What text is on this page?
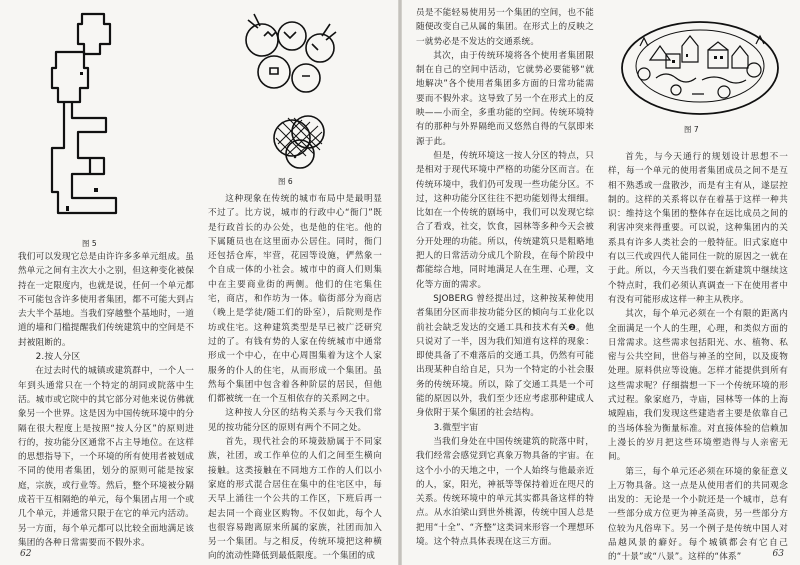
图 5
图 6

我们可以发现它总是由许许多多单元组成。虽然单元之间有主次大小之别，但这种变化被保持在一定限度内，也就是说，任何一个单元都不可能包含许多使用者集团，都不可能大到占去大半个基地。当我们穿越整个基地时，一道道的墙和门槛提醒我们传统建筑中的空间是不封被阻断的。

2.按人分区

在过去时代的城镇或建筑群中，一个人一年到头通常只在一个特定的胡同或院落中生活。城市或它院中的其它部分对他来说仿佛就象另一个世界。这是因为中国传统环境中的分隔在很大程度上是按照“按人分区”的原则进行的，按功能分区通常不占主导地位。在这样的思想指导下，一个环境的所有使用者被划成不同的使用者集团，划分的原则可能是按家庭，宗族，或行业等。然后，整个环境被分隔成若干互相隔绝的单元，每个集团占用一个或几个单元，并通常只限于在它的单元内活动。另一方面，每个单元都可以比较全面地满足该集团的各种日常需要而不假外求。

这种现象在传统的城市布局中是最明显不过了。比方说，城市的行政中心“衙门”既是行政首长的办公处，也是他的住宅。他的下属随员也在这里面办公居住。同时，衙门还包括仓库，牢营，花园等设施，俨然象一个自成一体的小社会。城市中的商人们则集中在主要商业街的两侧。他们的住宅集住宅，商店，和作坊为一体。临街部分为商店（晚上是学徒/随工们的卧室），后院则是作坊或住宅。这种建筑类型是早已被广泛研究过的了。有钱有势的人家在传统城市中通常形成一个中心，在中心周围集着为这个人家服务的仆人的住宅，从而形成一个集团。虽然每个集团中包含着各种阶层的居民，但他们都被统一在一个互相依存的关系网之中。

这种按人分区的结构关系与今天我们常见的按功能分区的原则有两个不同之处。

首先，现代社会的环境鼓励属于不同家族，社团，或工作单位的人们之间至生横向接触。这类接触在不同地方工作的人们以小家庭的形式混合居住在集中的住宅区中，每天早上涌往一个公共的工作区，下班后再一起去同一个商业区购物。不仅如此，每个人也很容易跑离原来所属的家族，社团而加入另一个集团。与之相反，传统环境把这种横向的流动性降低到最低限度。一个集团的成

62

员是不能轻易使用另一个集团的空间，也不能随便改变自己从属的集团。在形式上的反映之一就势必是不发达的交通系统。

其次，由于传统环境将各个使用者集团限制在自己的空间中活动，它就势必要能够“就地解决”各个使用者集团多方面的日常功能需要而不假外求。这导致了另一个在形式上的反映——小而全，多重功能的空间。传统环境特有的那种与外界隔绝而又悠然自得的气氛即来源于此。

但是，传统环境这一按人分区的特点，只是相对于现代环境中严格的功能分区而言。在传统环境中，我们仍可发现一些功能分区。不过，这种功能分区往往不把功能划得太细细。比如在一个传统的剧场中，我们可以发现它综合了看戏，社交，饮食，园林等多种今天会被分开处理的功能。所以，传统建筑只是粗略地把人的日常活动分成几个阶段，在每个阶段中都能综合地，同时地满足人在生理、心理，文化等方面的需求。

SJOBERG 曾经提出过，这种按某种使用者集团分区而非按功能分区的倾向与工业化以前社会缺乏发达的交通工具和技术有关❷。他只说对了一半，因为我们知道有这样的现象：即使具备了不难落后的交通工具，仍然有可能出现某种自给自足，只为一个特定的小社会服务的传统环境。所以，除了交通工具是一个可能的原因以外，我们至少还应考虑那种建成人身依附于某个集团的社会结构。

3.微型宇宙

当我们身处在中国传统建筑的院落中时，我们经常会感觉到它真象万物具备的宇宙。在这个小小的天地之中，一个人始终与他最亲近的人，家，阳光，神祇等等保持着近在咫尺的关系。传统环境中的单元其实都具备这样的特点。从水泊梁山到世外桃源，传统中国人总是把用“十全”、“齐整”这类词来形容一个理想环境。这个特点具体表现在这三方面。

图 7

首先，与今天通行的规划设计思想不一样，每一个单元的使用者集团成员之间不是互相不熟悉或一盘散沙，而是有主有从，遂层控制的。这样的关系将以存在着基于这样一种共识：维持这个集团的整体存在远比成员之间的利害冲突来得重要。可以说，这种集团内的关系具有许多人类社会的一般特征。旧式家庭中有以三代或四代人能同住一院的原因之一就在于此。所以，今天当我们要在新建筑中继续这个特点时，我们必须认真调查一下在使用者中有没有可能形成这样一种主从秩序。

其次，每个单元必须在一个有限的距离内全面满足一个人的生理，心理，和类似方面的日常需求。这些需求包括阳光、水、植物、私密与公共空间，世俗与神圣的空间，以及废物处理。原料供应等设施。怎样才能提供到所有这些需求呢？仔细揣想一下一个传统环境的形式过程。象家庭乃，寺庙，园林等一体的上海城隍庙，我们发现这些建造者主要是依靠自己的当场体验为衡量标准。对直接体验的信赖加上漫长的岁月把这些环境塑造得与人亲密无间。

第三，每个单元还必须在环境的象征意义上万物具备。这一点是从使用者们的共同观念出发的：无论是一个小院还是一个城市，总有一些部分成方位更为神圣高贵，另一些部分方位较为凡俗卑下。另一个例子是传统中国人对品越风景的癖好。每个城镇都会有它自己的“十景”或“八景”。这样的“体系”	63
